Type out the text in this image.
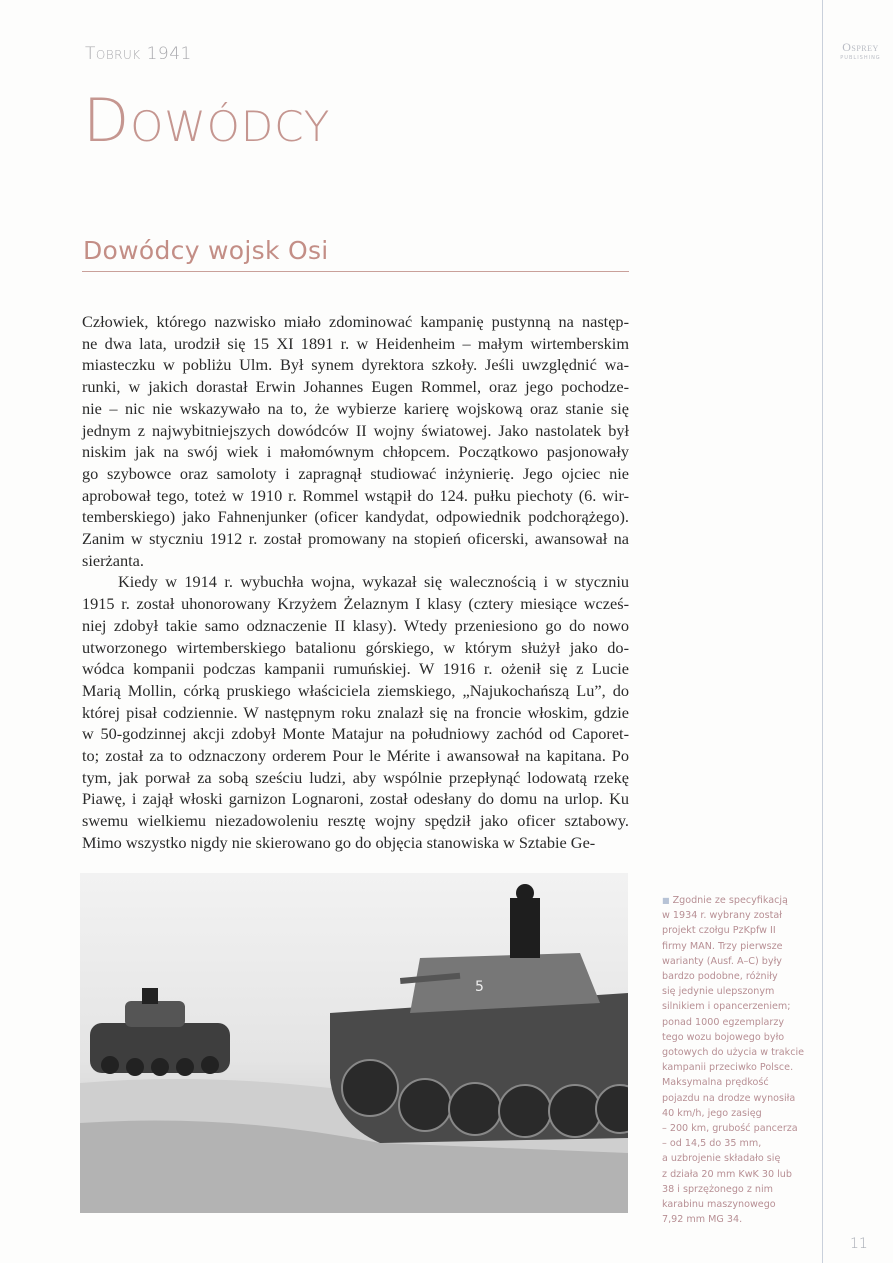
Tobruk 1941	Osprey
PUBLISHING
Dowódcy
Dowódcy wojsk Osi
Człowiek, którego nazwisko miało zdominować kampanię pustynną na następ-
ne dwa lata, urodził się 15 XI 1891 r. w Heidenheim – małym wirtemberskim
miasteczku w pobliżu Ulm. Był synem dyrektora szkoły. Jeśli uwzględnić wa-
runki, w jakich dorastał Erwin Johannes Eugen Rommel, oraz jego pochodze-
nie – nic nie wskazywało na to, że wybierze karierę wojskową oraz stanie się
jednym z najwybitniejszych dowódców II wojny światowej. Jako nastolatek był
niskim jak na swój wiek i małomównym chłopcem. Początkowo pasjonowały
go szybowce oraz samoloty i zapragnął studiować inżynierię. Jego ojciec nie
aprobował tego, toteż w 1910 r. Rommel wstąpił do 124. pułku piechoty (6. wir-
temberskiego) jako Fahnenjunker (oficer kandydat, odpowiednik podchorążego).
Zanim w styczniu 1912 r. został promowany na stopień oficerski, awansował na
sierżanta.
Kiedy w 1914 r. wybuchła wojna, wykazał się walecznością i w styczniu
1915 r. został uhonorowany Krzyżem Żelaznym I klasy (cztery miesiące wcześ-
niej zdobył takie samo odznaczenie II klasy). Wtedy przeniesiono go do nowo
utworzonego wirtemberskiego batalionu górskiego, w którym służył jako do-
wódca kompanii podczas kampanii rumuńskiej. W 1916 r. ożenił się z Lucie
Marią Mollin, córką pruskiego właściciela ziemskiego, „Najukochańszą Lu”, do
której pisał codziennie. W następnym roku znalazł się na froncie włoskim, gdzie
w 50-godzinnej akcji zdobył Monte Matajur na południowy zachód od Caporet-
to; został za to odznaczony orderem Pour le Mérite i awansował na kapitana. Po
tym, jak porwał za sobą sześciu ludzi, aby wspólnie przepłynąć lodowatą rzekę
Piawę, i zajął włoski garnizon Lognaroni, został odesłany do domu na urlop. Ku
swemu wielkiemu niezadowoleniu resztę wojny spędził jako oficer sztabowy.
Mimo wszystko nigdy nie skierowano go do objęcia stanowiska w Sztabie Ge-
5
■ Zgodnie ze specyfikacją
w 1934 r. wybrany został
projekt czołgu PzKpfw II
firmy MAN. Trzy pierwsze
warianty (Ausf. A–C) były
bardzo podobne, różniły
się jedynie ulepszonym
silnikiem i opancerzeniem;
ponad 1000 egzemplarzy
tego wozu bojowego było
gotowych do użycia w trakcie
kampanii przeciwko Polsce.
Maksymalna prędkość
pojazdu na drodze wynosiła
40 km/h, jego zasięg
– 200 km, grubość pancerza
– od 14,5 do 35 mm,
a uzbrojenie składało się
z działa 20 mm KwK 30 lub
38 i sprzężonego z nim
karabinu maszynowego
7,92 mm MG 34.
11
